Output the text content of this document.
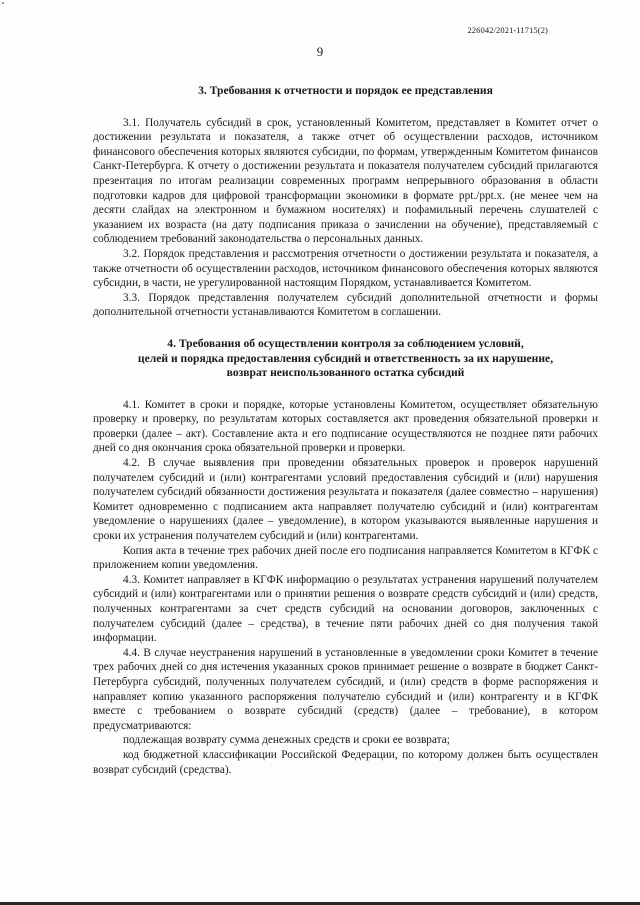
226042/2021-11715(2)
9
3. Требования к отчетности и порядок ее представления

3.1. Получатель субсидий в срок, установленный Комитетом, представляет в Комитет отчет о достижении результата и показателя, а также отчет об осуществлении расходов, источником финансового обеспечения которых являются субсидии, по формам, утвержденным Комитетом финансов Санкт-Петербурга. К отчету о достижении результата и показателя получателем субсидий прилагаются презентация по итогам реализации современных программ непрерывного образования в области подготовки кадров для цифровой трансформации экономики в формате ppt./ppt.x. (не менее чем на десяти слайдах на электронном и бумажном носителях) и пофамильный перечень слушателей с указанием их возраста (на дату подписания приказа о зачислении на обучение), представляемый с соблюдением требований законодательства о персональных данных.

3.2. Порядок представления и рассмотрения отчетности о достижении результата и показателя, а также отчетности об осуществлении расходов, источником финансового обеспечения которых являются субсидии, в части, не урегулированной настоящим Порядком, устанавливается Комитетом.

3.3. Порядок представления получателем субсидий дополнительной отчетности и формы дополнительной отчетности устанавливаются Комитетом в соглашении.

4. Требования об осуществлении контроля за соблюдением условий,
целей и порядка предоставления субсидий и ответственность за их нарушение,
возврат неиспользованного остатка субсидий

4.1. Комитет в сроки и порядке, которые установлены Комитетом, осуществляет обязательную проверку и проверку, по результатам которых составляется акт проведения обязательной проверки и проверки (далее – акт). Составление акта и его подписание осуществляются не позднее пяти рабочих дней со дня окончания срока обязательной проверки и проверки.

4.2. В случае выявления при проведении обязательных проверок и проверок нарушений получателем субсидий и (или) контрагентами условий предоставления субсидий и (или) нарушения получателем субсидий обязанности достижения результата и показателя (далее совместно – нарушения) Комитет одновременно с подписанием акта направляет получателю субсидий и (или) контрагентам уведомление о нарушениях (далее – уведомление), в котором указываются выявленные нарушения и сроки их устранения получателем субсидий и (или) контрагентами.

Копия акта в течение трех рабочих дней после его подписания направляется Комитетом в КГФК с приложением копии уведомления.

4.3. Комитет направляет в КГФК информацию о результатах устранения нарушений получателем субсидий и (или) контрагентами или о принятии решения о возврате средств субсидий и (или) средств, полученных контрагентами за счет средств субсидий на основании договоров, заключенных с получателем субсидий (далее – средства), в течение пяти рабочих дней со дня получения такой информации.

4.4. В случае неустранения нарушений в установленные в уведомлении сроки Комитет в течение трех рабочих дней со дня истечения указанных сроков принимает решение о возврате в бюджет Санкт-Петербурга субсидий, полученных получателем субсидий, и (или) средств в форме распоряжения и направляет копию указанного распоряжения получателю субсидий и (или) контрагенту и в КГФК вместе с требованием о возврате субсидий (средств) (далее – требование), в котором предусматриваются:

подлежащая возврату сумма денежных средств и сроки ее возврата;

код бюджетной классификации Российской Федерации, по которому должен быть осуществлен возврат субсидий (средства).
